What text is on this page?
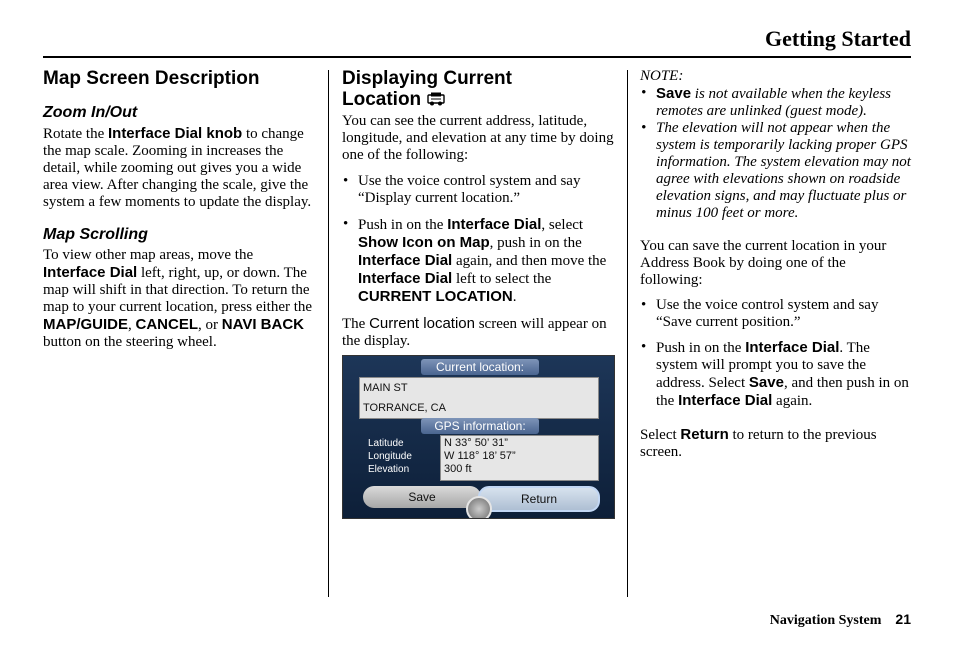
Getting Started
Map Screen Description
Zoom In/Out

Rotate the Interface Dial knob to change the map scale. Zooming in increases the detail, while zooming out gives you a wide area view. After changing the scale, give the system a few moments to update the display.

Map Scrolling

To view other map areas, move the Interface Dial left, right, up, or down. The map will shift in that direction. To return the map to your current location, press either the MAP/GUIDE, CANCEL, or NAVI BACK button on the steering wheel.

Displaying Current Location

You can see the current address, latitude, longitude, and elevation at any time by doing one of the following:

• Use the voice control system and say “Display current location.”
• Push in on the Interface Dial, select Show Icon on Map, push in on the Interface Dial again, and then move the Interface Dial left to select the CURRENT LOCATION.

The Current location screen will appear on the display.

Current location:
MAIN ST
TORRANCE, CA
GPS information:
Latitude
Longitude
Elevation
N 33° 50’ 31”
W 118° 18’ 57”
300 ft
Save	Return

NOTE:

• Save is not available when the keyless remotes are unlinked (guest mode).
• The elevation will not appear when the system is temporarily lacking proper GPS information. The system elevation may not agree with elevations shown on roadside elevation signs, and may fluctuate plus or minus 100 feet or more.

You can save the current location in your Address Book by doing one of the following:

• Use the voice control system and say “Save current position.”
• Push in on the Interface Dial. The system will prompt you to save the address. Select Save, and then push in on the Interface Dial again.

Select Return to return to the previous screen.

Navigation System 21
